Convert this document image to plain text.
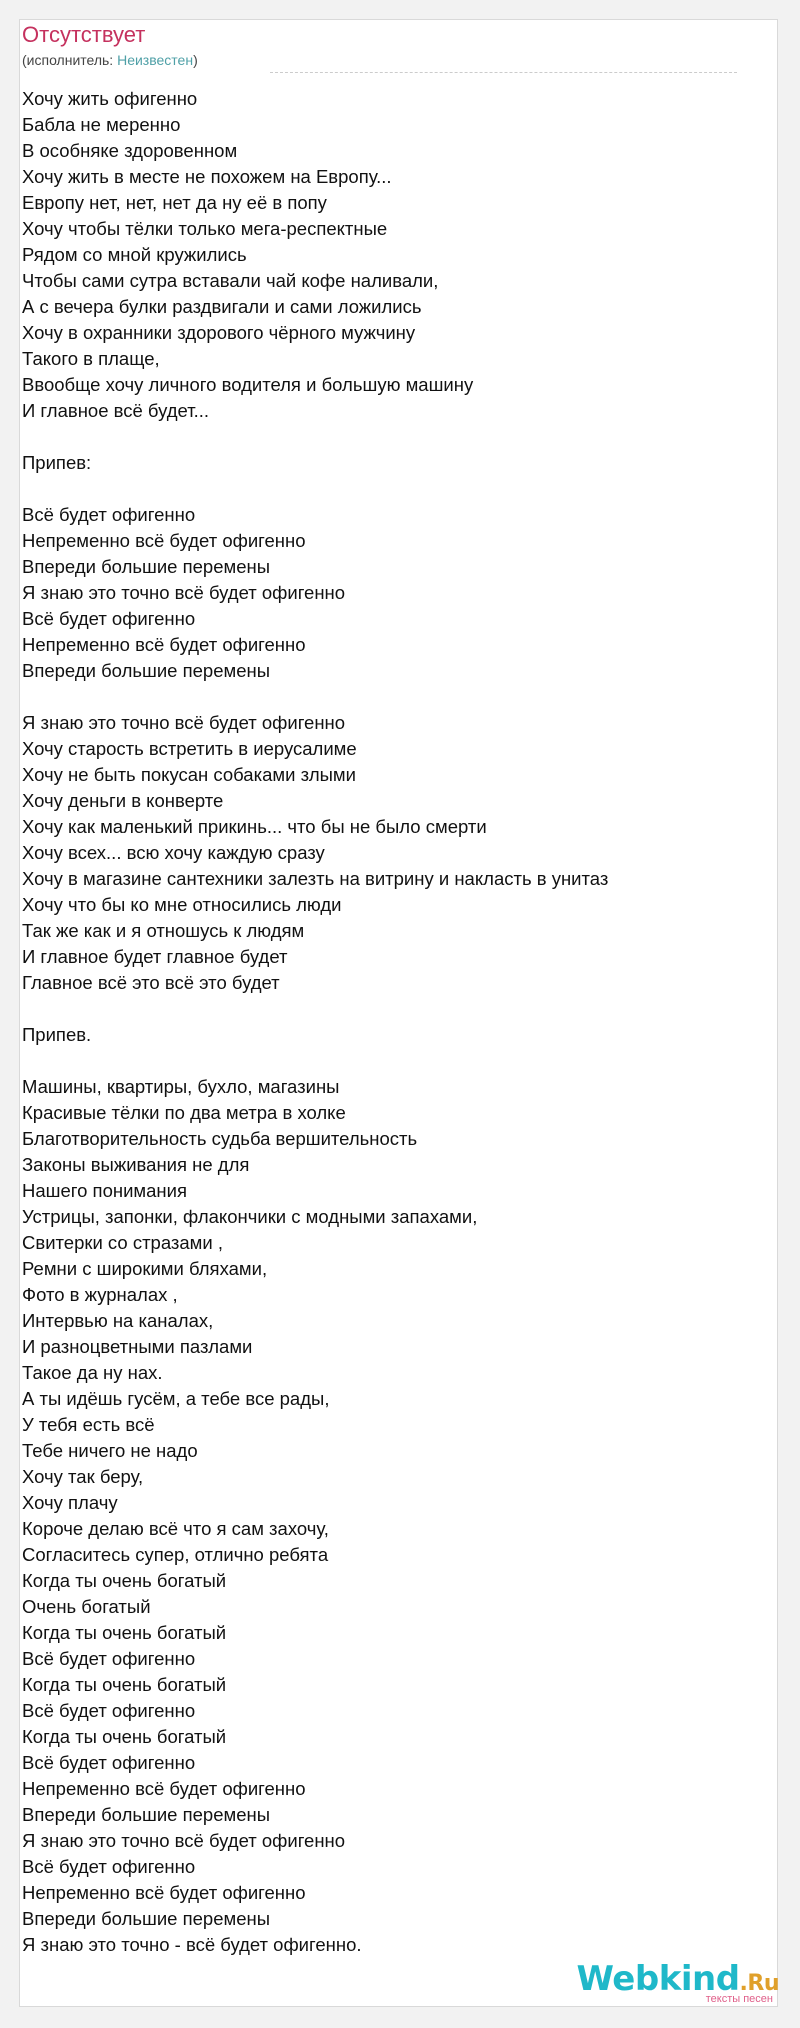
Отсутствует
(исполнитель: Неизвестен)
Хочу жить офигенно
Бабла не меренно
В особняке здоровенном
Хочу жить в месте не похожем на Европу...
Европу нет, нет, нет да ну её в попу
Хочу чтобы тёлки только мега-респектные
Рядом со мной кружились
Чтобы сами сутра вставали чай кофе наливали,
А с вечера булки раздвигали и сами ложились
Хочу в охранники здорового чёрного мужчину
Такого в плаще,
Ввообще хочу личного водителя и большую машину
И главное всё будет...
Припев:
Всё будет офигенно
Непременно всё будет офигенно
Впереди большие перемены
Я знаю это точно всё будет офигенно
Всё будет офигенно
Непременно всё будет офигенно
Впереди большие перемены
Я знаю это точно всё будет офигенно
Хочу старость встретить в иерусалиме
Хочу не быть покусан собаками злыми
Хочу деньги в конверте
Хочу как маленький прикинь... что бы не было смерти
Хочу всех... всю хочу каждую сразу
Хочу в магазине сантехники залезть на витрину и накласть в унитаз
Хочу что бы ко мне относились люди
Так же как и я отношусь к людям
И главное будет главное будет
Главное всё это всё это будет
Припев.
Машины, квартиры, бухло, магазины
Красивые тёлки по два метра в холке
Благотворительность судьба вершительность
Законы выживания не для
Нашего понимания
Устрицы, запонки, флакончики с модными запахами,
Свитерки со стразами ,
Ремни с широкими бляхами,
Фото в журналах ,
Интервью на каналах,
И разноцветными пазлами
Такое да ну нах.
А ты идёшь гусём, а тебе все рады,
У тебя есть всё
Тебе ничего не надо
Хочу так беру,
Хочу плачу
Короче делаю всё что я сам захочу,
Согласитесь супер, отлично ребята
Когда ты очень богатый
Очень богатый
Когда ты очень богатый
Всё будет офигенно
Когда ты очень богатый
Всё будет офигенно
Когда ты очень богатый
Всё будет офигенно
Непременно всё будет офигенно
Впереди большие перемены
Я знаю это точно всё будет офигенно
Всё будет офигенно
Непременно всё будет офигенно
Впереди большие перемены
Я знаю это точно - всё будет офигенно.
Webkind.Ru
тексты песен
